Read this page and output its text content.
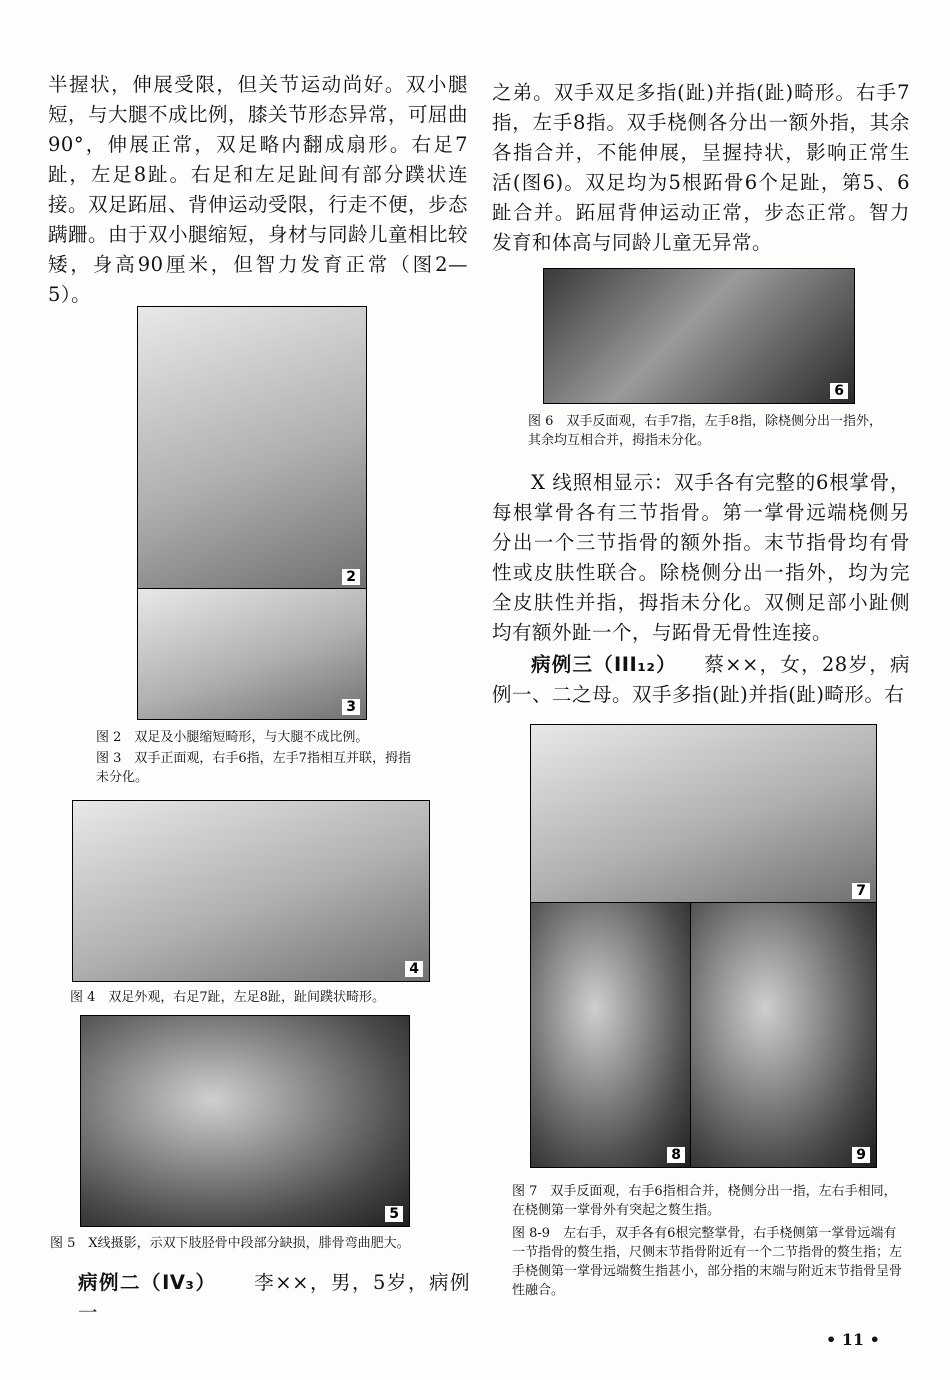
半握状，伸展受限，但关节运动尚好。双小腿短，与大腿不成比例，膝关节形态异常，可屈曲90°，伸展正常，双足略内翻成扇形。右足7趾，左足8趾。右足和左足趾间有部分蹼状连接。双足跖屈、背伸运动受限，行走不便，步态蹒跚。由于双小腿缩短，身材与同龄儿童相比较矮，身高90厘米，但智力发育正常（图2—5）。

2
3

图 2　双足及小腿缩短畸形，与大腿不成比例。

图 3　双手正面观，右手6指，左手7指相互并联，拇指未分化。

4

图 4　双足外观，右足7趾，左足8趾，趾间蹼状畸形。

5

图 5　X线摄影，示双下肢胫骨中段部分缺损，腓骨弯曲肥大。

病例二（IV₃） 李××，男，5岁，病例一

之弟。双手双足多指(趾)并指(趾)畸形。右手7指，左手8指。双手桡侧各分出一额外指，其余各指合并，不能伸展，呈握持状，影响正常生活(图6)。双足均为5根跖骨6个足趾，第5、6趾合并。跖屈背伸运动正常，步态正常。智力发育和体高与同龄儿童无异常。

6

图 6　双手反面观，右手7指，左手8指，除桡侧分出一指外，其余均互相合并，拇指未分化。

X 线照相显示：双手各有完整的6根掌骨，每根掌骨各有三节指骨。第一掌骨远端桡侧另分出一个三节指骨的额外指。末节指骨均有骨性或皮肤性联合。除桡侧分出一指外，均为完全皮肤性并指，拇指未分化。双侧足部小趾侧均有额外趾一个，与跖骨无骨性连接。

病例三（III₁₂） 蔡××，女，28岁，病例一、二之母。双手多指(趾)并指(趾)畸形。右
7
8	9

图 7　双手反面观，右手6指相合并，桡侧分出一指，左右手相同，在桡侧第一掌骨外有突起之赘生指。

图 8-9　左右手，双手各有6根完整掌骨，右手桡侧第一掌骨远端有一节指骨的赘生指，尺侧末节指骨附近有一个二节指骨的赘生指；左手桡侧第一掌骨远端赘生指甚小，部分指的末端与附近末节指骨呈骨性融合。

• 11 •
